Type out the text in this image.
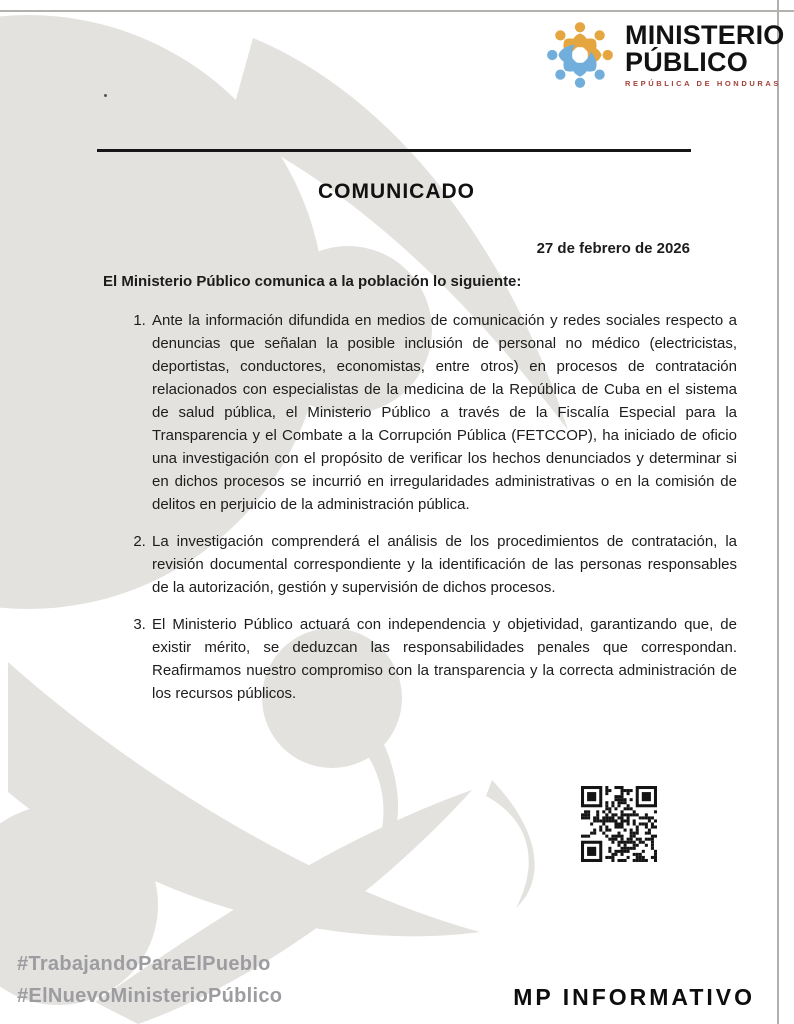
MINISTERIO
PÚBLICO
REPÚBLICA DE HONDURAS
COMUNICADO
27 de febrero de 2026
El Ministerio Público comunica a la población lo siguiente:
1. Ante la información difundida en medios de comunicación y redes sociales respecto a denuncias que señalan la posible inclusión de personal no médico (electricistas, deportistas, conductores, economistas, entre otros) en procesos de contratación relacionados con especialistas de la medicina de la República de Cuba en el sistema de salud pública, el Ministerio Público a través de la Fiscalía Especial para la Transparencia y el Combate a la Corrupción Pública (FETCCOP), ha iniciado de oficio una investigación con el propósito de verificar los hechos denunciados y determinar si en dichos procesos se incurrió en irregularidades administrativas o en la comisión de delitos en perjuicio de la administración pública.
2. La investigación comprenderá el análisis de los procedimientos de contratación, la revisión documental correspondiente y la identificación de las personas responsables de la autorización, gestión y supervisión de dichos procesos.
3. El Ministerio Público actuará con independencia y objetividad, garantizando que, de existir mérito, se deduzcan las responsabilidades penales que correspondan. Reafirmamos nuestro compromiso con la transparencia y la correcta administración de los recursos públicos.
#TrabajandoParaElPueblo
#ElNuevoMinisterioPúblico	MP INFORMATIVO
